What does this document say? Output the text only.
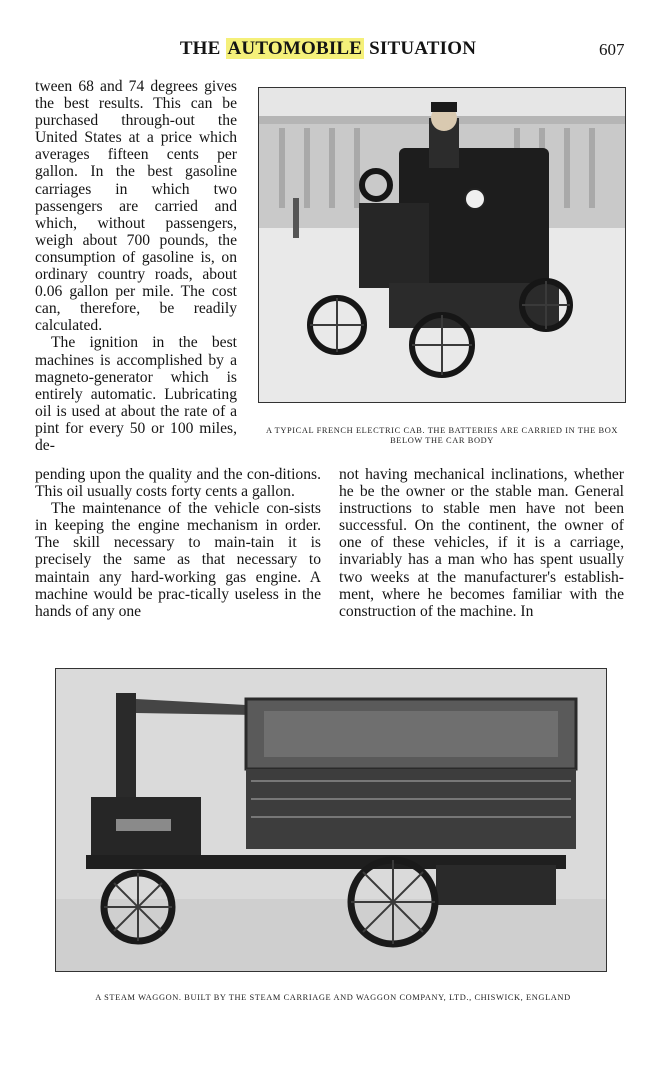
THE AUTOMOBILE SITUATION	607

tween 68 and 74 degrees gives the best results. This can be purchased through-out the United States at a price which averages fifteen cents per gallon. In the best gasoline carriages in which two passengers are carried and which, without passengers, weigh about 700 pounds, the consumption of gasoline is, on ordinary country roads, about 0.06 gallon per mile. The cost can, therefore, be readily calculated.

The ignition in the best machines is accomplished by a magneto-generator which is entirely automatic. Lubricating oil is used at about the rate of a pint for every 50 or 100 miles, de-

A TYPICAL FRENCH ELECTRIC CAB. THE BATTERIES ARE CARRIED IN THE BOX BELOW THE CAR BODY

pending upon the quality and the con-ditions. This oil usually costs forty cents a gallon.

The maintenance of the vehicle con-sists in keeping the engine mechanism in order. The skill necessary to main-tain it is precisely the same as that necessary to maintain any hard-working gas engine. A machine would be prac-tically useless in the hands of any one

not having mechanical inclinations, whether he be the owner or the stable man. General instructions to stable men have not been successful. On the continent, the owner of one of these vehicles, if it is a carriage, invariably has a man who has spent usually two weeks at the manufacturer's establish-ment, where he becomes familiar with the construction of the machine. In

A STEAM WAGGON. BUILT BY THE STEAM CARRIAGE AND WAGGON COMPANY, LTD., CHISWICK, ENGLAND
